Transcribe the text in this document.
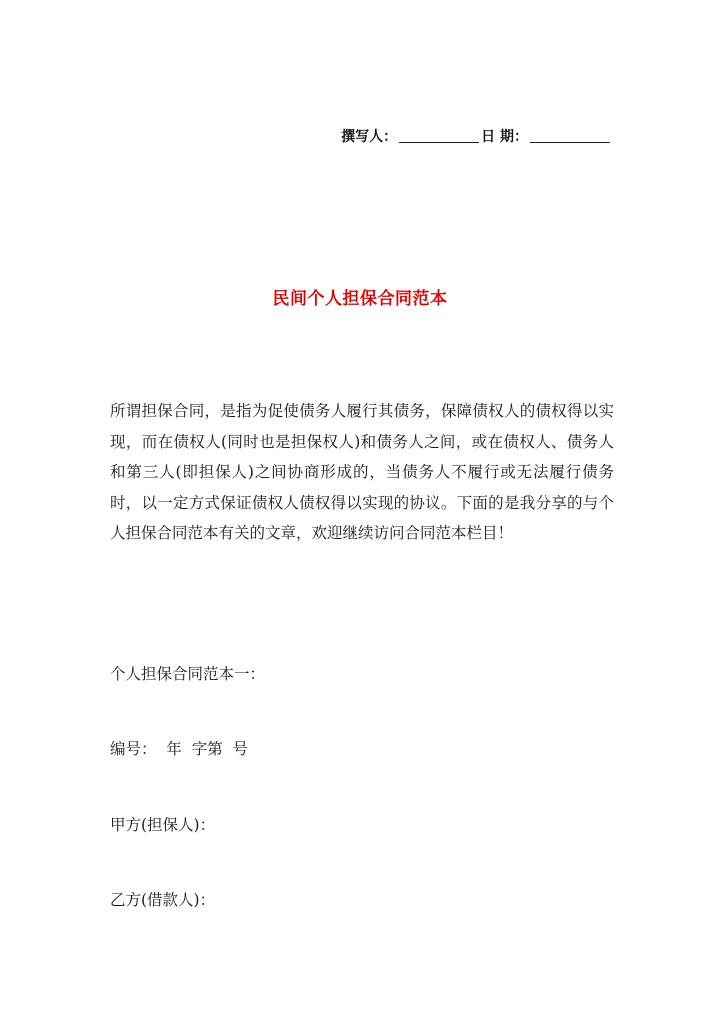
撰写人：	日 期：
民间个人担保合同范本

所谓担保合同，是指为促使债务人履行其债务，保障债权人的债权得以实现，而在债权人(同时也是担保权人)和债务人之间，或在债权人、债务人和第三人(即担保人)之间协商形成的，当债务人不履行或无法履行债务时，以一定方式保证债权人债权得以实现的协议。下面的是我分享的与个人担保合同范本有关的文章，欢迎继续访问合同范本栏目！

个人担保合同范本一：

编号：  年  字第  号

甲方(担保人)：

乙方(借款人)：
